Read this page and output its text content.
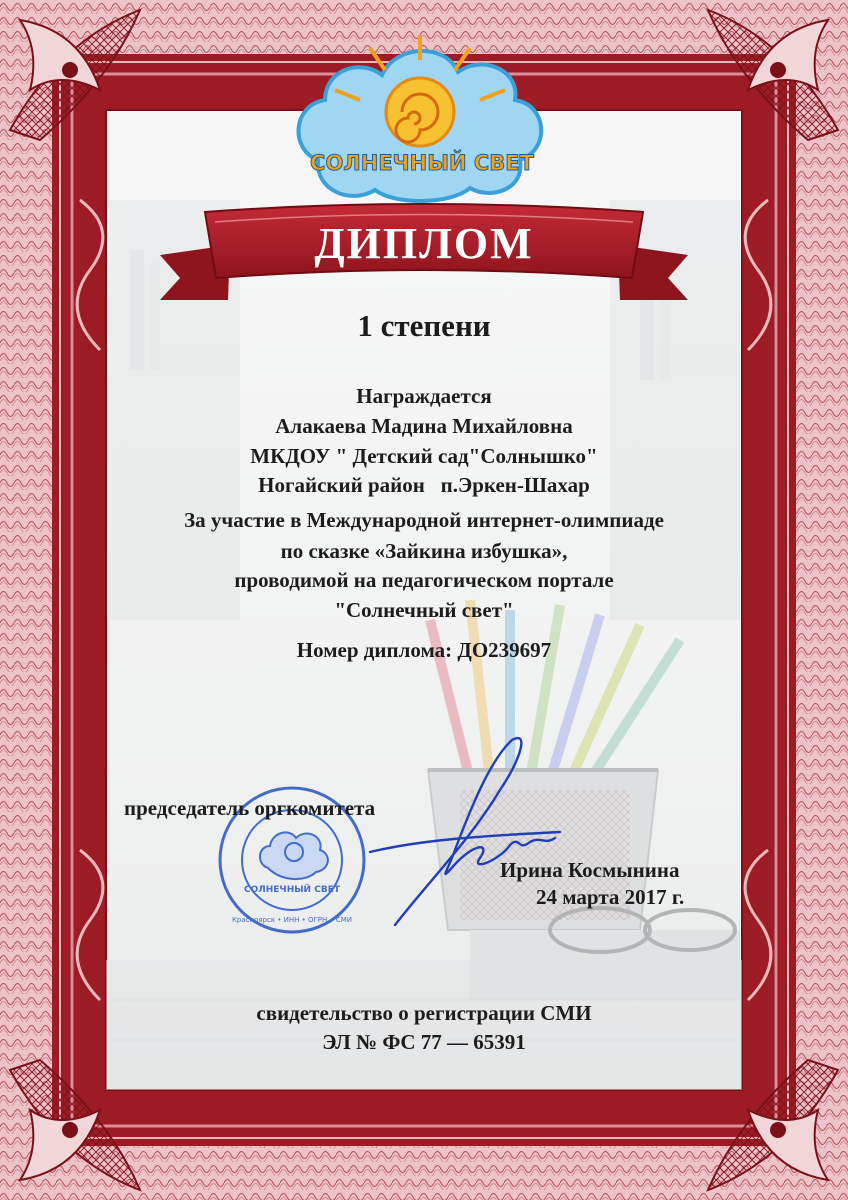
СОЛНЕЧНЫЙ СВЕТ
ДИПЛОМ
СОЛНЕЧНЫЙ СВЕТ
Красноярск • ИНН • ОГРН • СМИ
1 степени
Награждается
Алакаева Мадина Михайловна
МКДОУ " Детский сад"Солнышко"
Ногайский район   п.Эркен-Шахар
За участие в Международной интернет-олимпиаде
по сказке «Зайкина избушка»,
проводимой на педагогическом портале
"Солнечный свет"
Номер диплома: ДО239697
председатель оргкомитета
Ирина Космынина
24 марта 2017 г.
свидетельство о регистрации СМИ
ЭЛ № ФС 77 — 65391
